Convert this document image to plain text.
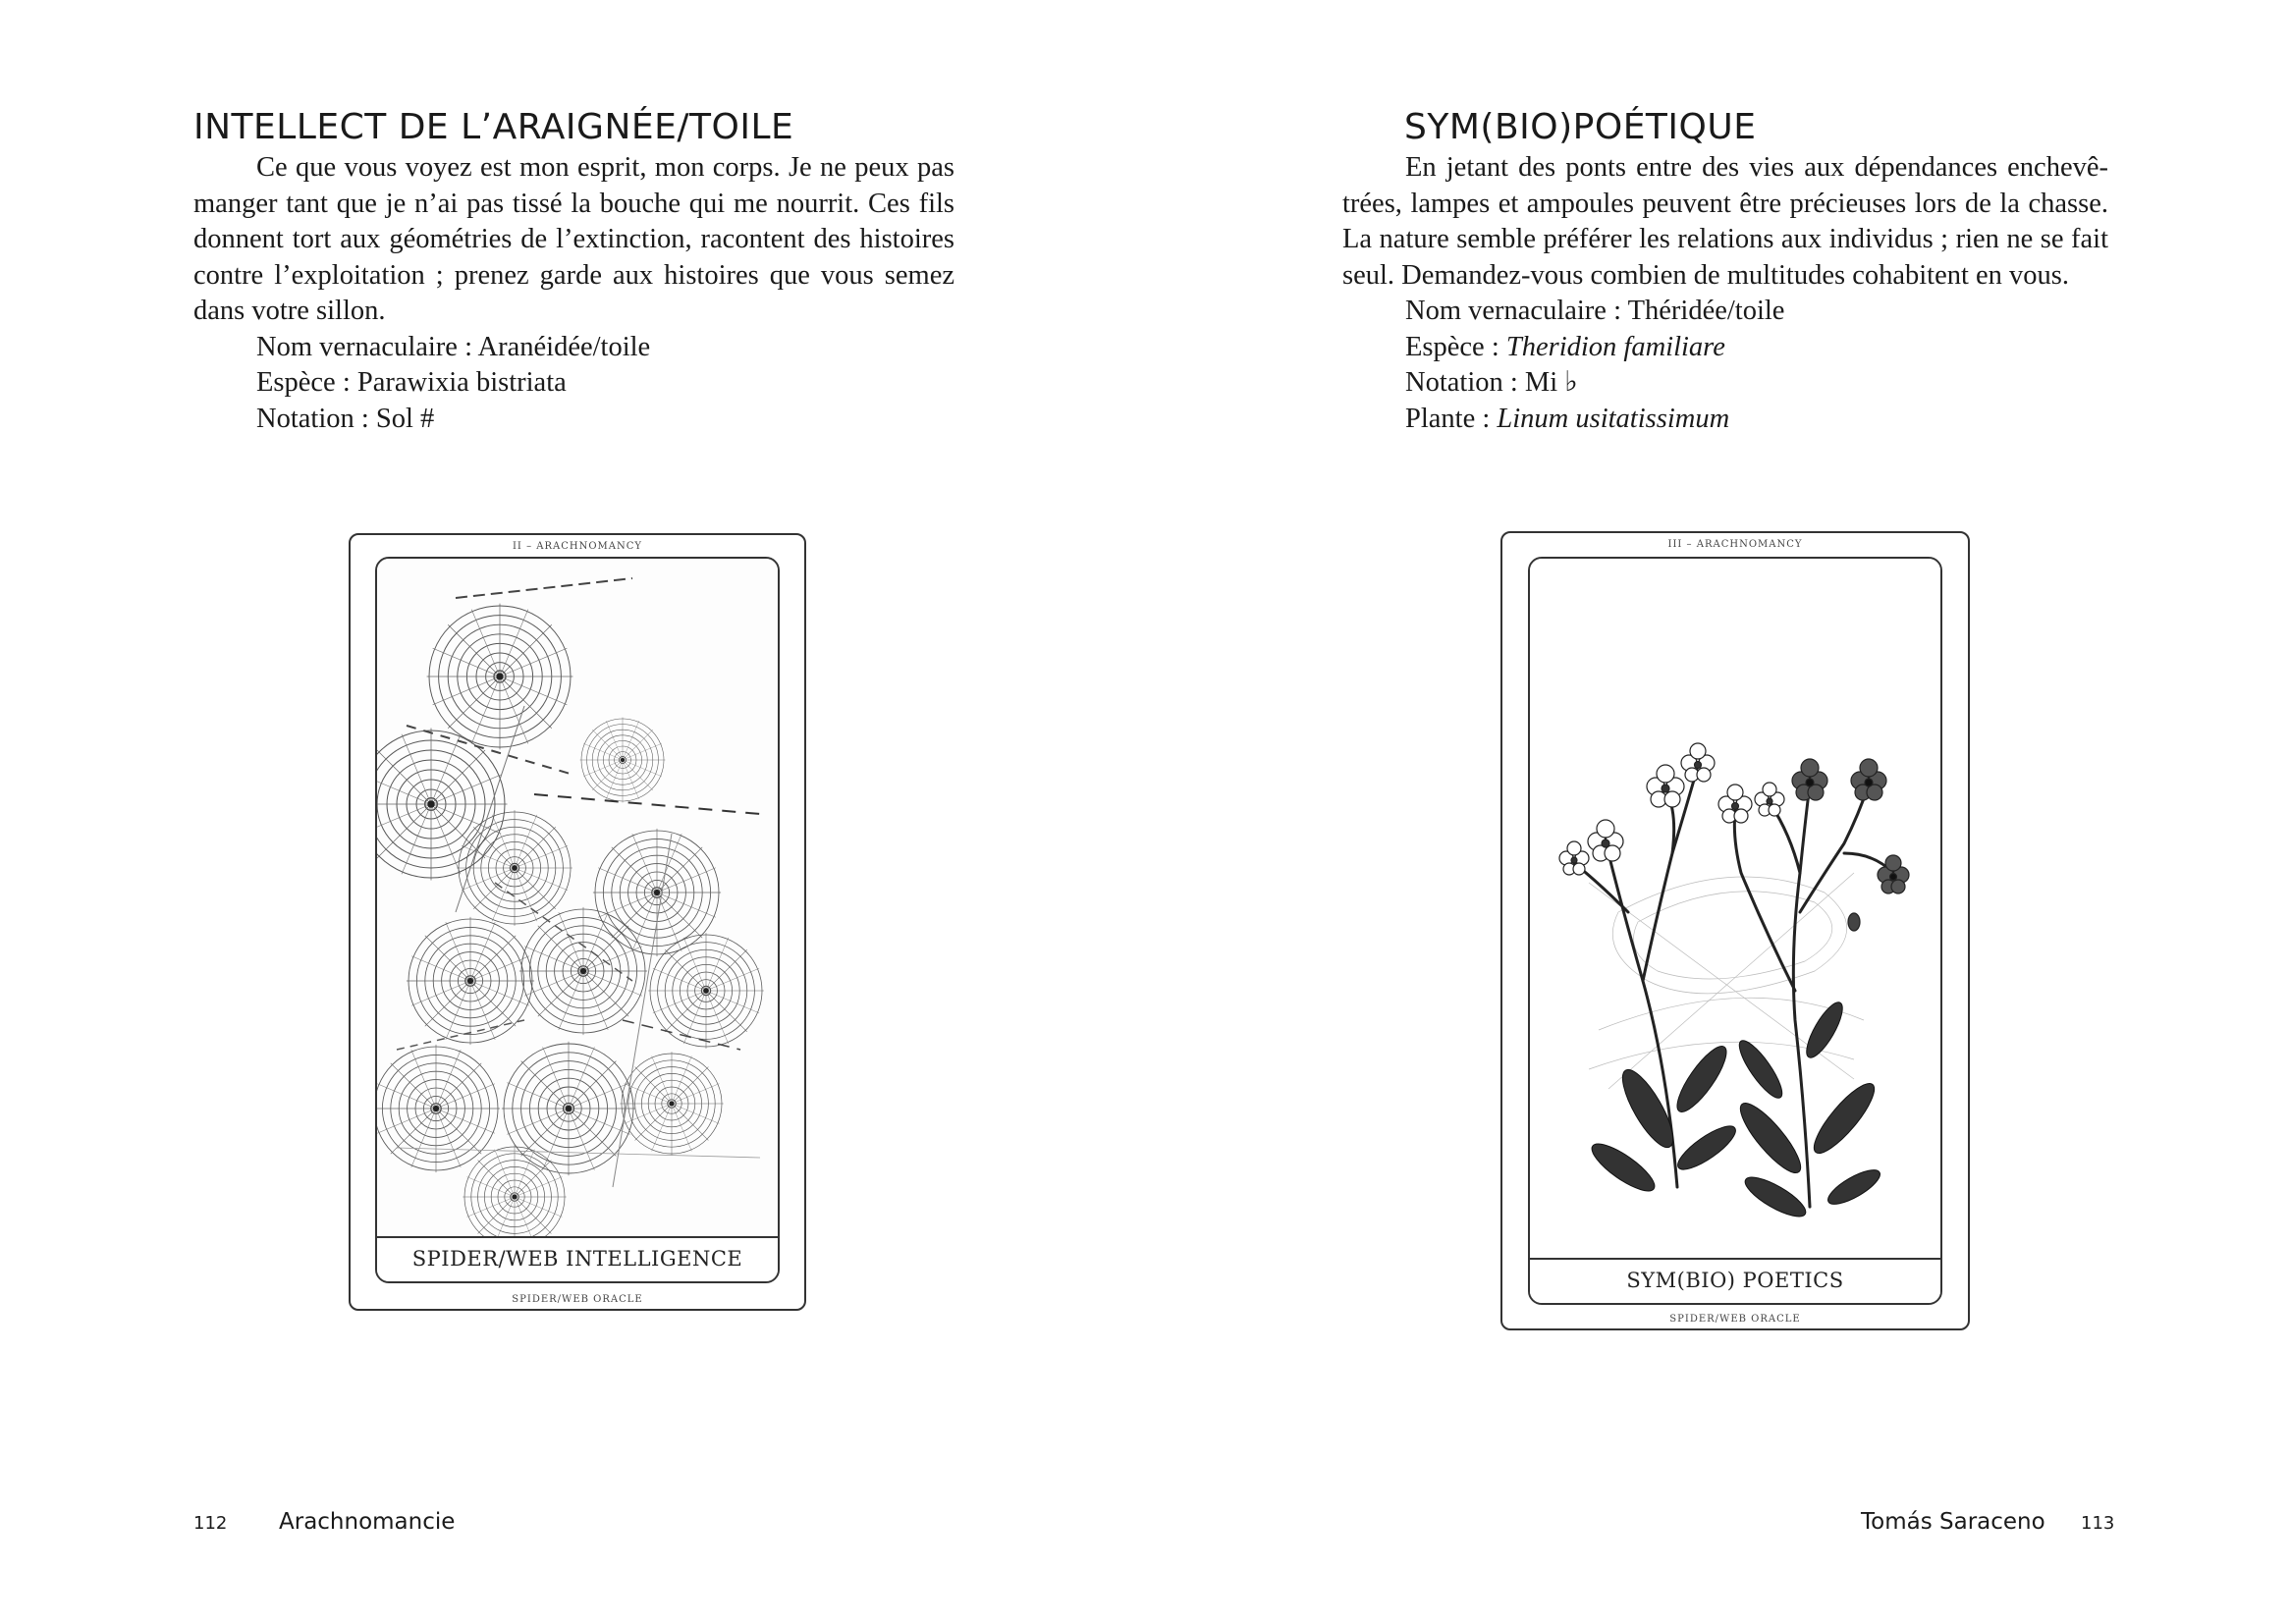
INTELLECT DE L’ARAIGNÉE/TOILE

Ce que vous voyez est mon esprit, mon corps. Je ne peux pas manger tant que je n’ai pas tissé la bouche qui me nourrit. Ces fils donnent tort aux géométries de l’extinction, racontent des histoires contre l’exploitation ; prenez garde aux histoires que vous semez dans votre sillon.

Nom vernaculaire : Aranéidée/toile
Espèce : Parawixia bistriata
Notation : Sol #
II – ARACHNOMANCY
SPIDER/WEB INTELLIGENCE
SPIDER/WEB ORACLE
112 Arachnomancie
SYM(BIO)POÉTIQUE

En jetant des ponts entre des vies aux dépendances enchevê-trées, lampes et ampoules peuvent être précieuses lors de la chasse. La nature semble préférer les relations aux individus ; rien ne se fait seul. Demandez-vous combien de multitudes cohabitent en vous.

Nom vernaculaire : Théridée/toile
Espèce : Theridion familiare
Notation : Mi ♭
Plante : Linum usitatissimum
III – ARACHNOMANCY
SYM(BIO) POETICS
SPIDER/WEB ORACLE
Tomás Saraceno 113
